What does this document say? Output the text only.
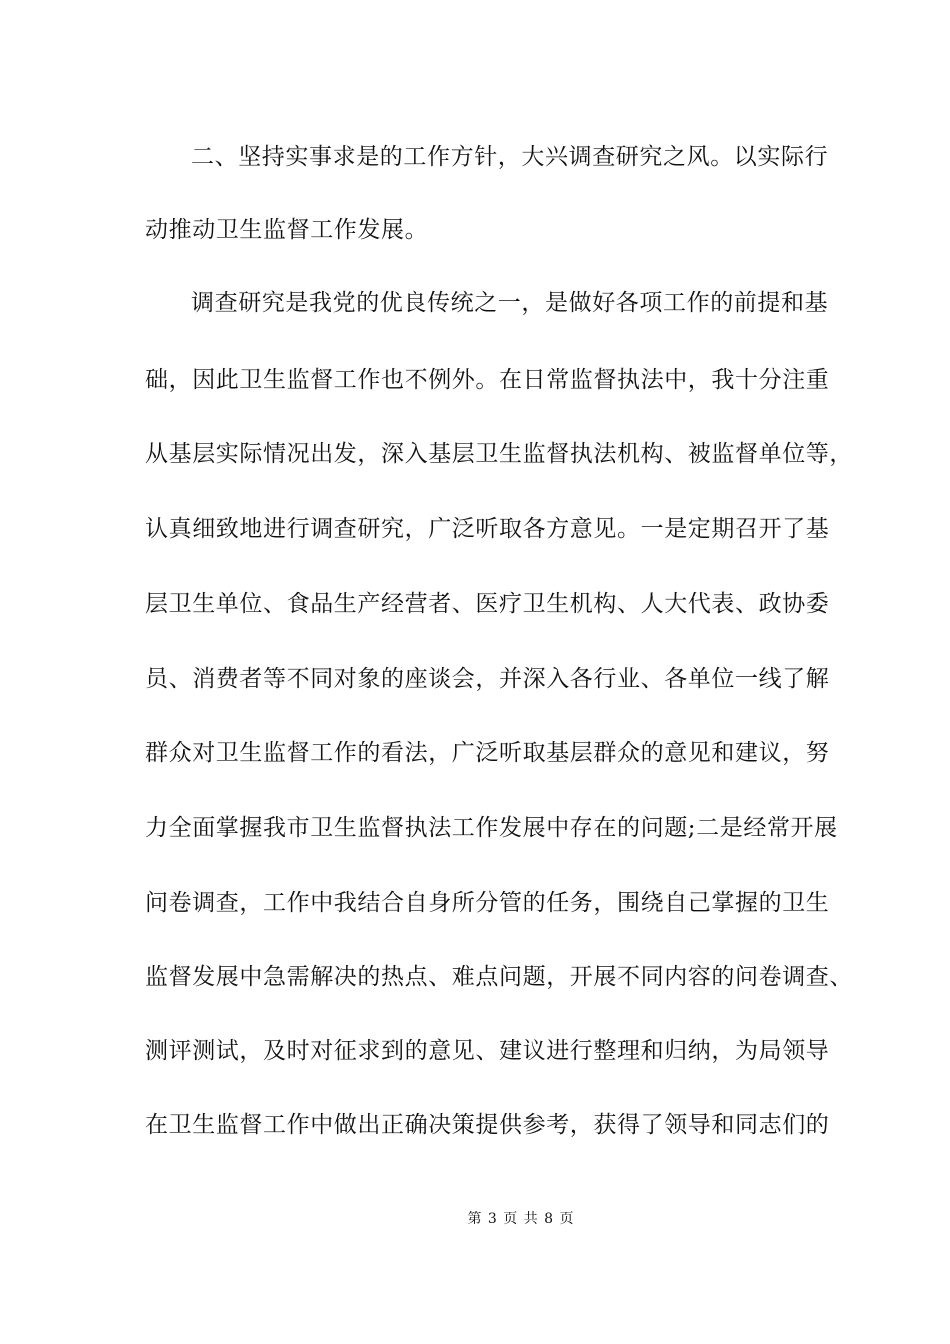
二、坚持实事求是的工作方针，大兴调查研究之风。以实际行
动推动卫生监督工作发展。
调查研究是我党的优良传统之一，是做好各项工作的前提和基
础，因此卫生监督工作也不例外。在日常监督执法中，我十分注重
从基层实际情况出发，深入基层卫生监督执法机构、被监督单位等，
认真细致地进行调查研究，广泛听取各方意见。一是定期召开了基
层卫生单位、食品生产经营者、医疗卫生机构、人大代表、政协委
员、消费者等不同对象的座谈会，并深入各行业、各单位一线了解
群众对卫生监督工作的看法，广泛听取基层群众的意见和建议，努
力全面掌握我市卫生监督执法工作发展中存在的问题;二是经常开展
问卷调查，工作中我结合自身所分管的任务，围绕自己掌握的卫生
监督发展中急需解决的热点、难点问题，开展不同内容的问卷调查、
测评测试，及时对征求到的意见、建议进行整理和归纳，为局领导
在卫生监督工作中做出正确决策提供参考，获得了领导和同志们的
第 3 页 共 8 页
